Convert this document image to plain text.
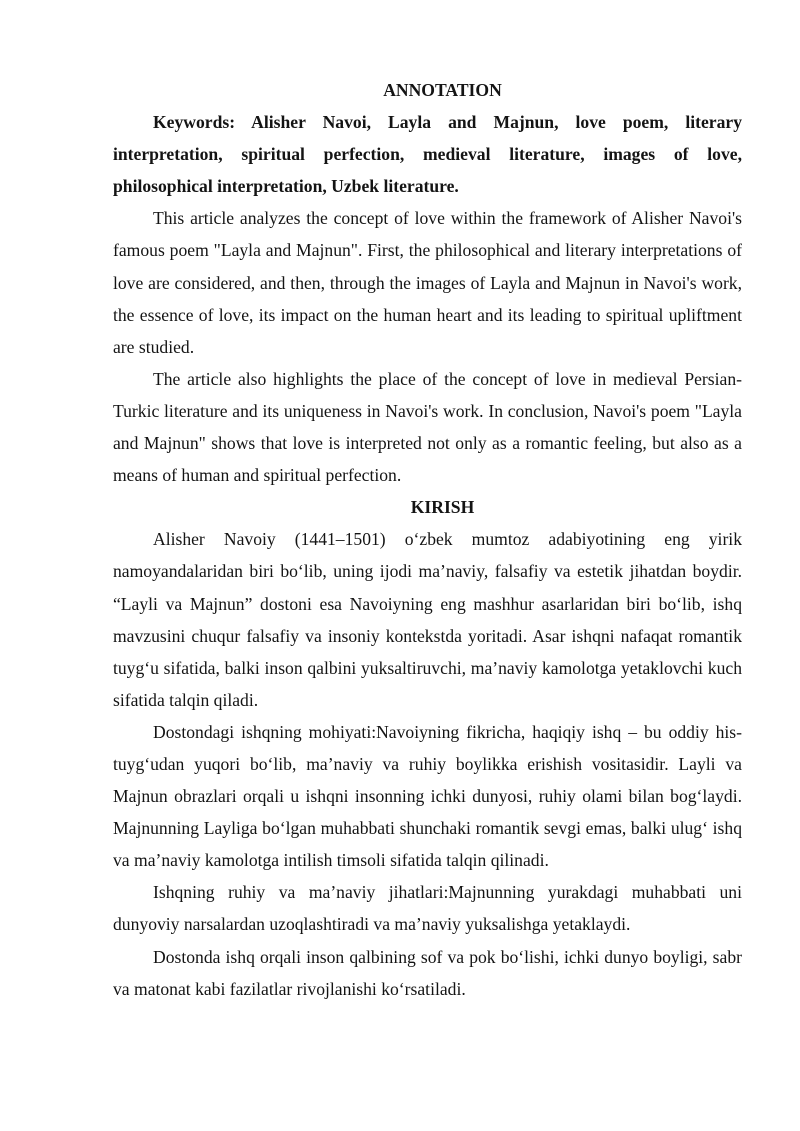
ANNOTATION

Keywords: Alisher Navoi, Layla and Majnun, love poem, literary interpretation, spiritual perfection, medieval literature, images of love, philosophical interpretation, Uzbek literature.

This article analyzes the concept of love within the framework of Alisher Navoi's famous poem "Layla and Majnun". First, the philosophical and literary interpretations of love are considered, and then, through the images of Layla and Majnun in Navoi's work, the essence of love, its impact on the human heart and its leading to spiritual upliftment are studied.

The article also highlights the place of the concept of love in medieval Persian-Turkic literature and its uniqueness in Navoi's work. In conclusion, Navoi's poem "Layla and Majnun" shows that love is interpreted not only as a romantic feeling, but also as a means of human and spiritual perfection.

KIRISH

Alisher Navoiy (1441–1501) o‘zbek mumtoz adabiyotining eng yirik namoyandalaridan biri bo‘lib, uning ijodi ma’naviy, falsafiy va estetik jihatdan boydir. “Layli va Majnun” dostoni esa Navoiyning eng mashhur asarlaridan biri bo‘lib, ishq mavzusini chuqur falsafiy va insoniy kontekstda yoritadi. Asar ishqni nafaqat romantik tuyg‘u sifatida, balki inson qalbini yuksaltiruvchi, ma’naviy kamolotga yetaklovchi kuch sifatida talqin qiladi.

Dostondagi ishqning mohiyati:Navoiyning fikricha, haqiqiy ishq – bu oddiy his-tuyg‘udan yuqori bo‘lib, ma’naviy va ruhiy boylikka erishish vositasidir. Layli va Majnun obrazlari orqali u ishqni insonning ichki dunyosi, ruhiy olami bilan bog‘laydi. Majnunning Layliga bo‘lgan muhabbati shunchaki romantik sevgi emas, balki ulug‘ ishq va ma’naviy kamolotga intilish timsoli sifatida talqin qilinadi.

Ishqning ruhiy va ma’naviy jihatlari:Majnunning yurakdagi muhabbati uni dunyoviy narsalardan uzoqlashtiradi va ma’naviy yuksalishga yetaklaydi.

Dostonda ishq orqali inson qalbining sof va pok bo‘lishi, ichki dunyo boyligi, sabr va matonat kabi fazilatlar rivojlanishi ko‘rsatiladi.
